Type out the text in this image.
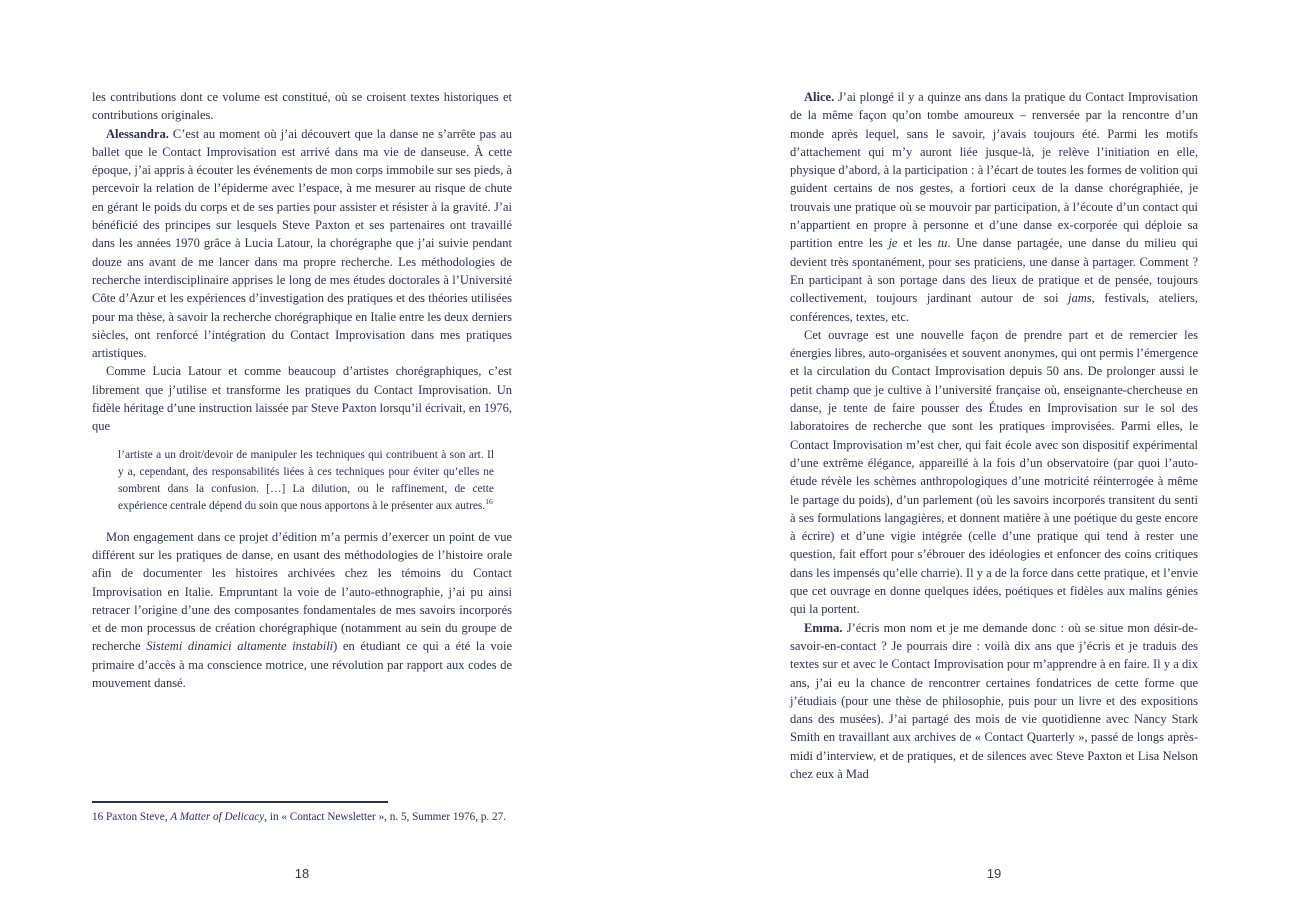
les contributions dont ce volume est constitué, où se croisent textes historiques et contributions originales.

Alessandra. C’est au moment où j’ai découvert que la danse ne s’arrête pas au ballet que le Contact Improvisation est arrivé dans ma vie de danseuse. À cette époque, j’ai appris à écouter les événements de mon corps immobile sur ses pieds, à percevoir la relation de l’épiderme avec l’espace, à me mesurer au risque de chute en gérant le poids du corps et de ses parties pour assister et résister à la gravité. J’ai bénéficié des principes sur lesquels Steve Paxton et ses partenaires ont travaillé dans les années 1970 grâce à Lucia Latour, la chorégraphe que j’ai suivie pendant douze ans avant de me lancer dans ma propre recherche. Les méthodologies de recherche interdisciplinaire apprises le long de mes études doctorales à l’Université Côte d’Azur et les expériences d’investigation des pratiques et des théories utilisées pour ma thèse, à savoir la recherche chorégraphique en Italie entre les deux derniers siècles, ont renforcé l’intégration du Contact Improvisation dans mes pratiques artistiques.

Comme Lucia Latour et comme beaucoup d’artistes chorégraphiques, c’est librement que j’utilise et transforme les pratiques du Contact Improvisation. Un fidèle héritage d’une instruction laissée par Steve Paxton lorsqu’il écrivait, en 1976, que

l’artiste a un droit/devoir de manipuler les techniques qui contribuent à son art. Il y a, cependant, des responsabilités liées à ces techniques pour éviter qu’elles ne sombrent dans la confusion. […] La dilution, ou le raffinement, de cette expérience centrale dépend du soin que nous apportons à le présenter aux autres.$^{16}$

Mon engagement dans ce projet d’édition m’a permis d’exercer un point de vue différent sur les pratiques de danse, en usant des méthodologies de l’histoire orale afin de documenter les histoires archivées chez les témoins du Contact Improvisation en Italie. Empruntant la voie de l’auto-ethnographie, j’ai pu ainsi retracer l’origine d’une des composantes fondamentales de mes savoirs incorporés et de mon processus de création chorégraphique (notamment au sein du groupe de recherche Sistemi dinamici altamente instabili) en étudiant ce qui a été la voie primaire d’accès à ma conscience motrice, une révolution par rapport aux codes de mouvement dansé.

16 Paxton Steve, A Matter of Delicacy, in « Contact Newsletter », n. 5, Summer 1976, p. 27.

18

Alice. J’ai plongé il y a quinze ans dans la pratique du Contact Improvisation de la même façon qu’on tombe amoureux – renversée par la rencontre d’un monde après lequel, sans le savoir, j’avais toujours été. Parmi les motifs d’attachement qui m’y auront liée jusque-là, je relève l’initiation en elle, physique d’abord, à la participation : à l’écart de toutes les formes de volition qui guident certains de nos gestes, a fortiori ceux de la danse chorégraphiée, je trouvais une pratique où se mouvoir par participation, à l’écoute d’un contact qui n’appartient en propre à personne et d’une danse ex-corporée qui déploie sa partition entre les je et les tu. Une danse partagée, une danse du milieu qui devient très spontanément, pour ses praticiens, une danse à partager. Comment ? En participant à son portage dans des lieux de pratique et de pensée, toujours collectivement, toujours jardinant autour de soi jams, festivals, ateliers, conférences, textes, etc.

Cet ouvrage est une nouvelle façon de prendre part et de remercier les énergies libres, auto-organisées et souvent anonymes, qui ont permis l’émergence et la circulation du Contact Improvisation depuis 50 ans. De prolonger aussi le petit champ que je cultive à l’université française où, enseignante-chercheuse en danse, je tente de faire pousser des Études en Improvisation sur le sol des laboratoires de recherche que sont les pratiques improvisées. Parmi elles, le Contact Improvisation m’est cher, qui fait école avec son dispositif expérimental d’une extrême élégance, appareillé à la fois d’un observatoire (par quoi l’auto-étude révèle les schèmes anthropologiques d’une motricité réinterrogée à même le partage du poids), d’un parlement (où les savoirs incorporés transitent du senti à ses formulations langagières, et donnent matière à une poétique du geste encore à écrire) et d’une vigie intégrée (celle d’une pratique qui tend à rester une question, fait effort pour s’ébrouer des idéologies et enfoncer des coins critiques dans les impensés qu’elle charrie). Il y a de la force dans cette pratique, et l’envie que cet ouvrage en donne quelques idées, poétiques et fidèles aux malins génies qui la portent.

Emma. J’écris mon nom et je me demande donc : où se situe mon désir-de-savoir-en-contact ? Je pourrais dire : voilà dix ans que j’écris et je traduis des textes sur et avec le Contact Improvisation pour m’apprendre à en faire. Il y a dix ans, j’ai eu la chance de rencontrer certaines fondatrices de cette forme que j’étudiais (pour une thèse de philosophie, puis pour un livre et des expositions dans des musées). J’ai partagé des mois de vie quotidienne avec Nancy Stark Smith en travaillant aux archives de « Contact Quarterly », passé de longs après-midi d’interview, et de pratiques, et de silences avec Steve Paxton et Lisa Nelson chez eux à Mad

19
